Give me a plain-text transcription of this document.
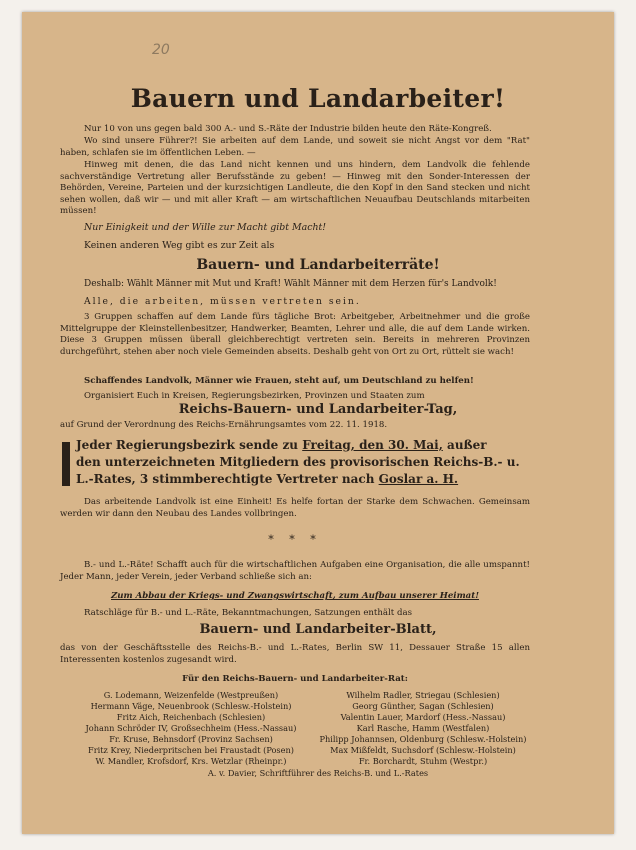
20
Bauern und Landarbeiter!
Nur 10 von uns gegen bald 300 A.- und S.-Räte der Industrie bilden heute den Räte-Kongreß.
Wo sind unsere Führer?! Sie arbeiten auf dem Lande, und soweit sie nicht Angst vor dem "Rat" haben, schlafen sie im öffentlichen Leben. —
Hinweg mit denen, die das Land nicht kennen und uns hindern, dem Landvolk die fehlende sachverständige Vertretung aller Berufsstände zu geben! — Hinweg mit den Sonder-Interessen der Behörden, Vereine, Parteien und der kurzsichtigen Landleute, die den Kopf in den Sand stecken und nicht sehen wollen, daß wir — und mit aller Kraft — am wirtschaftlichen Neuaufbau Deutschlands mitarbeiten müssen!
Nur Einigkeit und der Wille zur Macht gibt Macht!
Keinen anderen Weg gibt es zur Zeit als
Bauern- und Landarbeiterräte!
Deshalb: Wählt Männer mit Mut und Kraft! Wählt Männer mit dem Herzen für's Landvolk!
Alle, die arbeiten, müssen vertreten sein.
3 Gruppen schaffen auf dem Lande fürs tägliche Brot: Arbeitgeber, Arbeitnehmer und die große Mittelgruppe der Kleinstellenbesitzer, Handwerker, Beamten, Lehrer und alle, die auf dem Lande wirken. Diese 3 Gruppen müssen überall gleichberechtigt vertreten sein. Bereits in mehreren Provinzen durchgeführt, stehen aber noch viele Gemeinden abseits. Deshalb geht von Ort zu Ort, rüttelt sie wach!
Schaffendes Landvolk, Männer wie Frauen, steht auf, um Deutschland zu helfen!
Organisiert Euch in Kreisen, Regierungsbezirken, Provinzen und Staaten zum
Reichs-Bauern- und Landarbeiter-Tag,
auf Grund der Verordnung des Reichs-Ernährungsamtes vom 22. 11. 1918.
Jeder Regierungsbezirk sende zu Freitag, den 30. Mai, außer
den unterzeichneten Mitgliedern des provisorischen Reichs-B.- u.
L.-Rates, 3 stimmberechtigte Vertreter nach Goslar a. H.
Das arbeitende Landvolk ist eine Einheit! Es helfe fortan der Starke dem Schwachen. Gemeinsam werden wir dann den Neubau des Landes vollbringen.
* * *
B.- und L.-Räte! Schafft auch für die wirtschaftlichen Aufgaben eine Organisation, die alle umspannt! Jeder Mann, jeder Verein, jeder Verband schließe sich an:
Zum Abbau der Kriegs- und Zwangswirtschaft, zum Aufbau unserer Heimat!
Ratschläge für B.- und L.-Räte, Bekanntmachungen, Satzungen enthält das
Bauern- und Landarbeiter-Blatt,
das von der Geschäftsstelle des Reichs-B.- und L.-Rates, Berlin SW 11, Dessauer Straße 15 allen Interessenten kostenlos zugesandt wird.
Für den Reichs-Bauern- und Landarbeiter-Rat:
G. Lodemann, Weizenfelde (Westpreußen)
Hermann Väge, Neuenbrook (Schlesw.-Holstein)
Fritz Aich, Reichenbach (Schlesien)
Johann Schröder IV, Großsechheim (Hess.-Nassau)
Fr. Kruse, Behnsdorf (Provinz Sachsen)
Fritz Krey, Niederpritschen bei Fraustadt (Posen)
W. Mandler, Krofsdorf, Krs. Wetzlar (Rheinpr.)
Wilhelm Radler, Striegau (Schlesien)
Georg Günther, Sagan (Schlesien)
Valentin Lauer, Mardorf (Hess.-Nassau)
Karl Rasche, Hamm (Westfalen)
Philipp Johannsen, Oldenburg (Schlesw.-Holstein)
Max Mißfeldt, Suchsdorf (Schlesw.-Holstein)
Fr. Borchardt, Stuhm (Westpr.)
A. v. Davier, Schriftführer des Reichs-B. und L.-Rates
